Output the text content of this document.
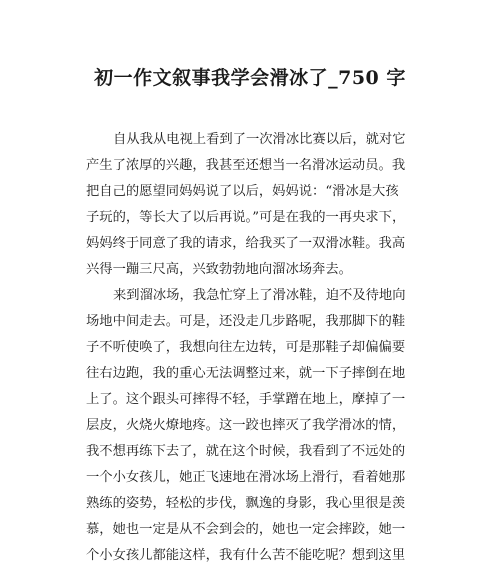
初一作文叙事我学会滑冰了_750 字
自从我从电视上看到了一次滑冰比赛以后，就对它
产生了浓厚的兴趣，我甚至还想当一名滑冰运动员。我
把自己的愿望同妈妈说了以后，妈妈说：“滑冰是大孩
子玩的，等长大了以后再说。”可是在我的一再央求下，
妈妈终于同意了我的请求，给我买了一双滑冰鞋。我高
兴得一蹦三尺高，兴致勃勃地向溜冰场奔去。
来到溜冰场，我急忙穿上了滑冰鞋，迫不及待地向
场地中间走去。可是，还没走几步路呢，我那脚下的鞋
子不听使唤了，我想向往左边转，可是那鞋子却偏偏要
往右边跑，我的重心无法调整过来，就一下子摔倒在地
上了。这个跟头可摔得不轻，手掌蹭在地上，摩掉了一
层皮，火烧火燎地疼。这一跤也摔灭了我学滑冰的情，
我不想再练下去了，就在这个时候，我看到了不远处的
一个小女孩儿，她正飞速地在滑冰场上滑行，看着她那
熟练的姿势，轻松的步伐，飘逸的身影，我心里很是羡
慕，她也一定是从不会到会的，她也一定会摔跤，她一
个小女孩儿都能这样，我有什么苦不能吃呢？想到这里
